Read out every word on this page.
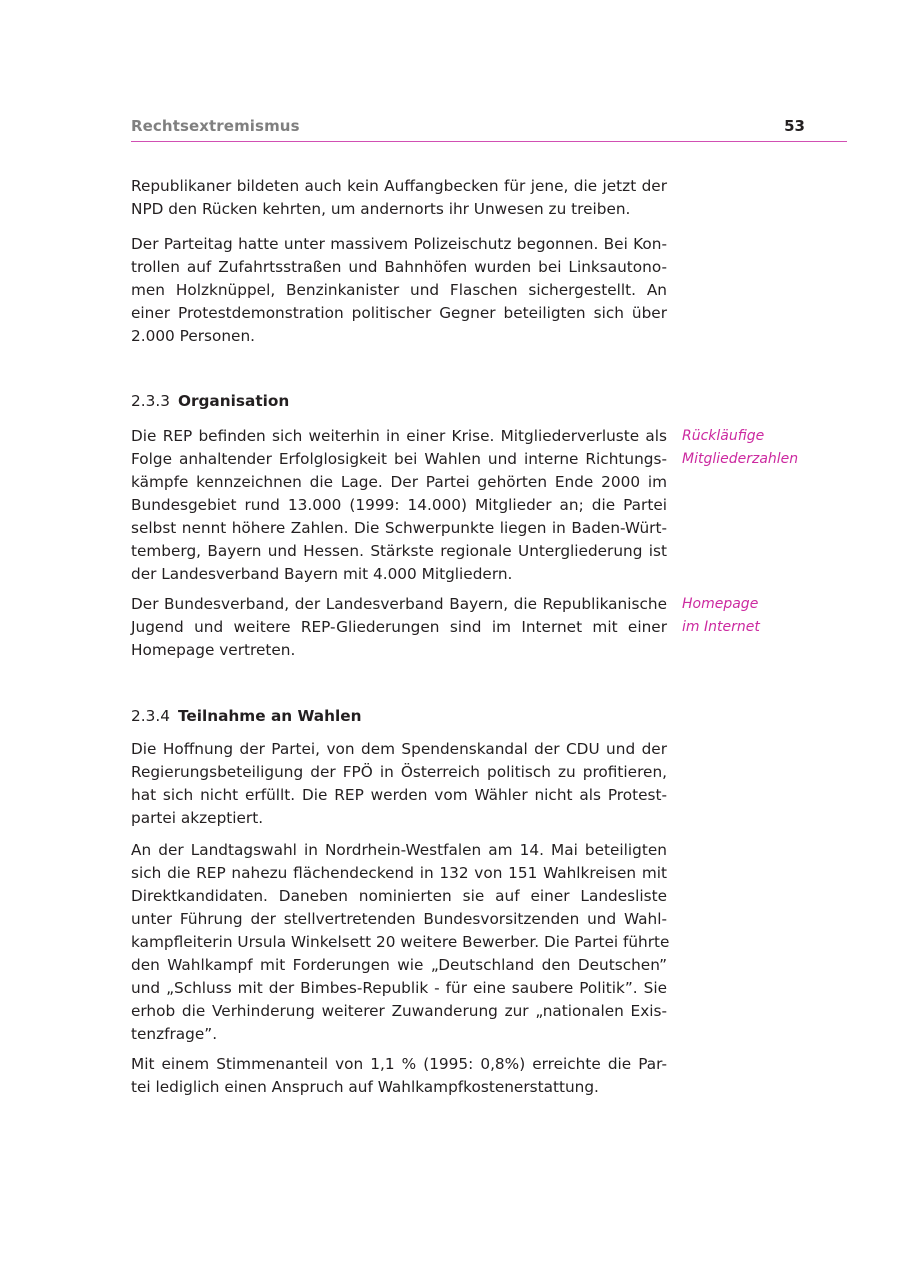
Rechtsextremismus	53
Republikaner bildeten auch kein Auffangbecken für jene, die jetzt der
NPD den Rücken kehrten, um andernorts ihr Unwesen zu treiben.
Der Parteitag hatte unter massivem Polizeischutz begonnen. Bei Kon-
trollen auf Zufahrtsstraßen und Bahnhöfen wurden bei Linksautono-
men Holzknüppel, Benzinkanister und Flaschen sichergestellt. An
einer Protestdemonstration politischer Gegner beteiligten sich über
2.000 Personen.
2.3.3 Organisation
Die REP befinden sich weiterhin in einer Krise. Mitgliederverluste als
Folge anhaltender Erfolglosigkeit bei Wahlen und interne Richtungs-
kämpfe kennzeichnen die Lage. Der Partei gehörten Ende 2000 im
Bundesgebiet rund 13.000 (1999: 14.000) Mitglieder an; die Partei
selbst nennt höhere Zahlen. Die Schwerpunkte liegen in Baden-Würt-
temberg, Bayern und Hessen. Stärkste regionale Untergliederung ist
der Landesverband Bayern mit 4.000 Mitgliedern.
Rückläufige
Mitgliederzahlen
Der Bundesverband, der Landesverband Bayern, die Republikanische
Jugend und weitere REP-Gliederungen sind im Internet mit einer
Homepage vertreten.
Homepage
im Internet
2.3.4 Teilnahme an Wahlen
Die Hoffnung der Partei, von dem Spendenskandal der CDU und der
Regierungsbeteiligung der FPÖ in Österreich politisch zu profitieren,
hat sich nicht erfüllt. Die REP werden vom Wähler nicht als Protest-
partei akzeptiert.
An der Landtagswahl in Nordrhein-Westfalen am 14. Mai beteiligten
sich die REP nahezu flächendeckend in 132 von 151 Wahlkreisen mit
Direktkandidaten. Daneben nominierten sie auf einer Landesliste
unter Führung der stellvertretenden Bundesvorsitzenden und Wahl-
kampfleiterin Ursula Winkelsett 20 weitere Bewerber. Die Partei führte
den Wahlkampf mit Forderungen wie „Deutschland den Deutschen”
und „Schluss mit der Bimbes-Republik - für eine saubere Politik”. Sie
erhob die Verhinderung weiterer Zuwanderung zur „nationalen Exis-
tenzfrage”.
Mit einem Stimmenanteil von 1,1 % (1995: 0,8%) erreichte die Par-
tei lediglich einen Anspruch auf Wahlkampfkostenerstattung.
